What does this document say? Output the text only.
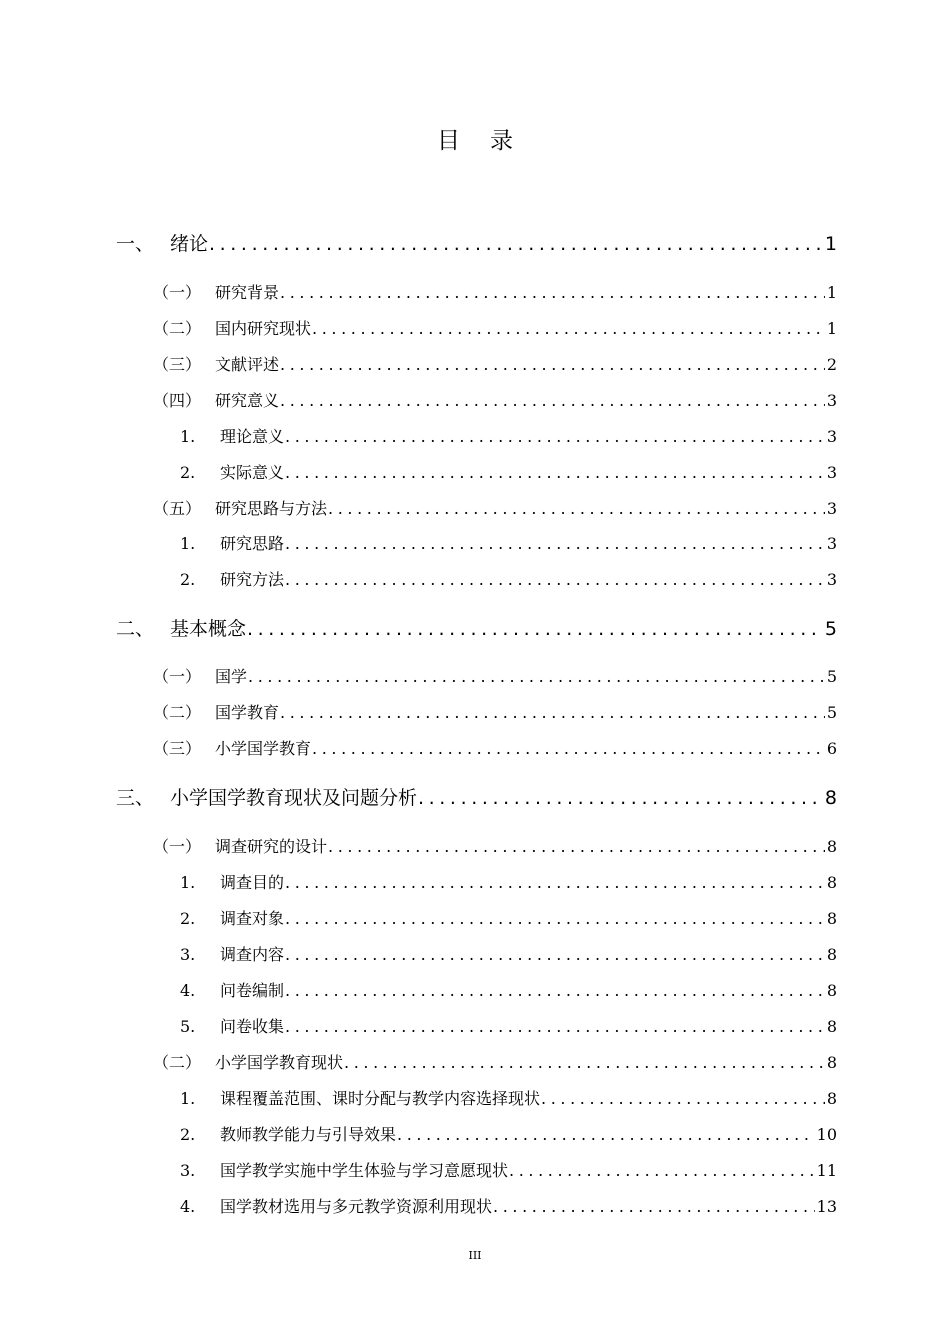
目 录
一、 绪论 .....	1
（一） 研究背景 .....	1
（二） 国内研究现状 .....	1
（三） 文献评述 .....	2
（四） 研究意义 .....	3
1.	理论意义 .....	3
2.	实际意义 .....	3
（五） 研究思路与方法 .....	3
1.	研究思路 .....	3
2.	研究方法 .....	3
二、 基本概念 .....	5
（一） 国学 .....	5
（二） 国学教育 .....	5
（三） 小学国学教育 .....	6
三、 小学国学教育现状及问题分析 .....	8
（一） 调查研究的设计 .....	8
1.	调查目的 .....	8
2.	调查对象 .....	8
3.	调查内容 .....	8
4.	问卷编制 .....	8
5.	问卷收集 .....	8
（二） 小学国学教育现状 .....	8
1.	课程覆盖范围、课时分配与教学内容选择现状 .....	8
2.	教师教学能力与引导效果 .....	10
3.	国学教学实施中学生体验与学习意愿现状 .....	11
4.	国学教材选用与多元教学资源利用现状 .....	13
III
